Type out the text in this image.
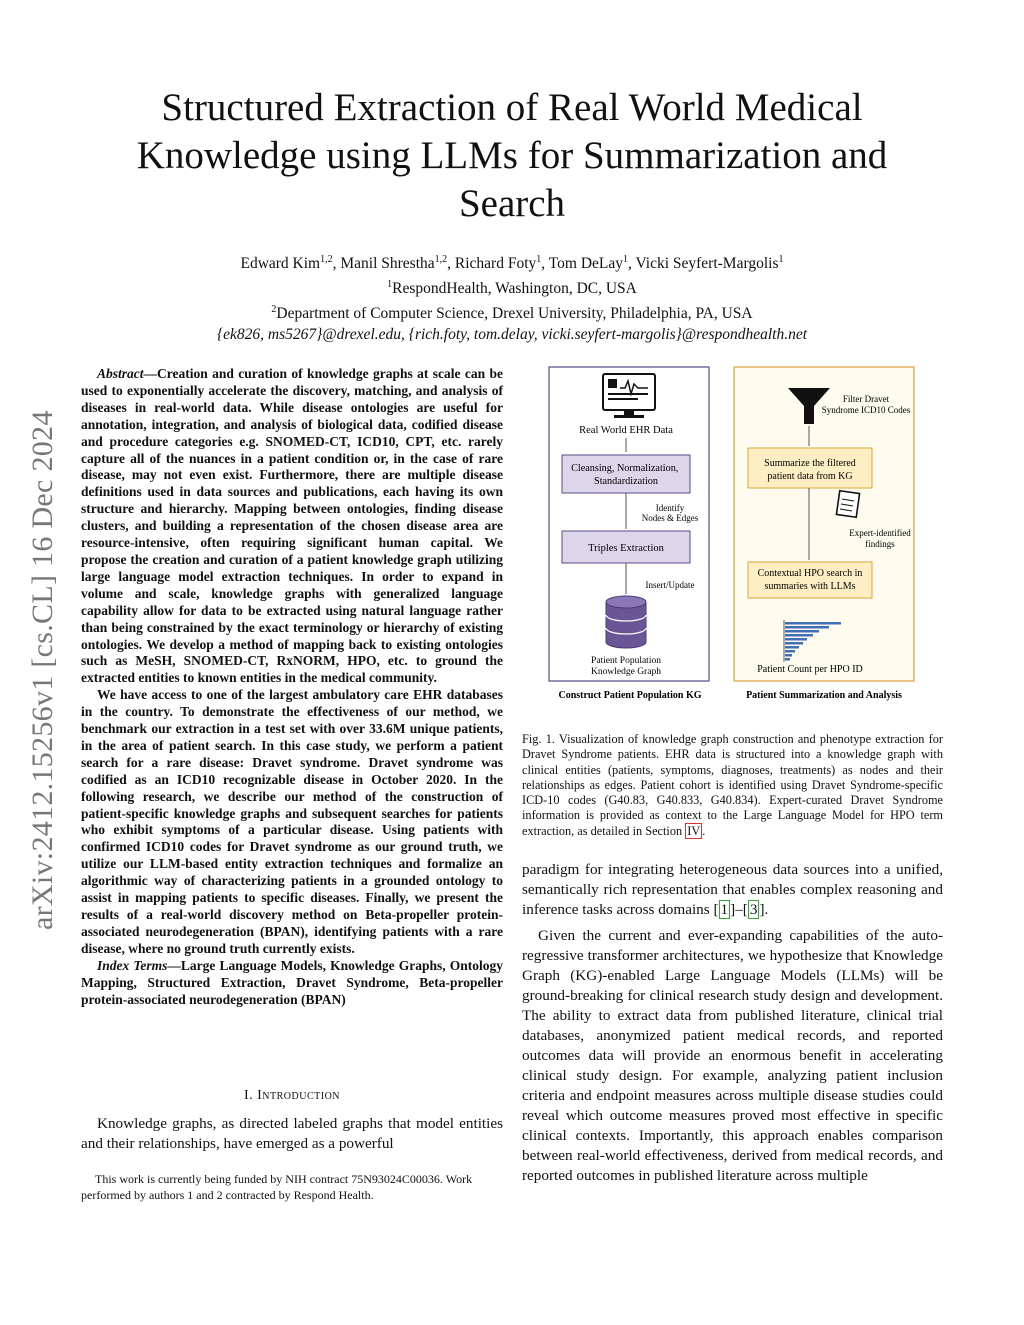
arXiv:2412.15256v1 [cs.CL] 16 Dec 2024
Structured Extraction of Real World Medical Knowledge using LLMs for Summarization and Search
Edward Kim$^{1,2}$, Manil Shrestha$^{1,2}$, Richard Foty$^1$, Tom DeLay$^1$, Vicki Seyfert-Margolis$^1$
$^1$RespondHealth, Washington, DC, USA
$^2$Department of Computer Science, Drexel University, Philadelphia, PA, USA
{ek826, ms5267}@drexel.edu, {rich.foty, tom.delay, vicki.seyfert-margolis}@respondhealth.net

Abstract—Creation and curation of knowledge graphs at scale can be used to exponentially accelerate the discovery, matching, and analysis of diseases in real-world data. While disease ontologies are useful for annotation, integration, and analysis of biological data, codified disease and procedure categories e.g. SNOMED-CT, ICD10, CPT, etc. rarely capture all of the nuances in a patient condition or, in the case of rare disease, may not even exist. Furthermore, there are multiple disease definitions used in data sources and publications, each having its own structure and hierarchy. Mapping between ontologies, finding disease clusters, and building a representation of the chosen disease area are resource-intensive, often requiring significant human capital. We propose the creation and curation of a patient knowledge graph utilizing large language model extraction techniques. In order to expand in volume and scale, knowledge graphs with generalized language capability allow for data to be extracted using natural language rather than being constrained by the exact terminology or hierarchy of existing ontologies. We develop a method of mapping back to existing ontologies such as MeSH, SNOMED-CT, RxNORM, HPO, etc. to ground the extracted entities to known entities in the medical community.

We have access to one of the largest ambulatory care EHR databases in the country. To demonstrate the effectiveness of our method, we benchmark our extraction in a test set with over 33.6M unique patients, in the area of patient search. In this case study, we perform a patient search for a rare disease: Dravet syndrome. Dravet syndrome was codified as an ICD10 recognizable disease in October 2020. In the following research, we describe our method of the construction of patient-specific knowledge graphs and subsequent searches for patients who exhibit symptoms of a particular disease. Using patients with confirmed ICD10 codes for Dravet syndrome as our ground truth, we utilize our LLM-based entity extraction techniques and formalize an algorithmic way of characterizing patients in a grounded ontology to assist in mapping patients to specific diseases. Finally, we present the results of a real-world discovery method on Beta-propeller protein-associated neurodegeneration (BPAN), identifying patients with a rare disease, where no ground truth currently exists.

Index Terms—Large Language Models, Knowledge Graphs, Ontology Mapping, Structured Extraction, Dravet Syndrome, Beta-propeller protein-associated neurodegeneration (BPAN)

I. Introduction

Knowledge graphs, as directed labeled graphs that model entities and their relationships, have emerged as a powerful

This work is currently being funded by NIH contract 75N93024C00036. Work performed by authors 1 and 2 contracted by Respond Health.
Real World EHR Data
Cleansing, Normalization, Standardization
Identify
Nodes & Edges
Triples Extraction
Insert/Update
Patient Population
Knowledge Graph
Construct Patient Population KG
Filter Dravet
Syndrome ICD10 Codes
Summarize the filtered
patient data from KG
Expert-identified
findings
Contextual HPO search in
summaries with LLMs
Patient Count per HPO ID
Patient Summarization and Analysis
Fig. 1. Visualization of knowledge graph construction and phenotype extraction for Dravet Syndrome patients. EHR data is structured into a knowledge graph with clinical entities (patients, symptoms, diagnoses, treatments) as nodes and their relationships as edges. Patient cohort is identified using Dravet Syndrome-specific ICD-10 codes (G40.83, G40.833, G40.834). Expert-curated Dravet Syndrome information is provided as context to the Large Language Model for HPO term extraction, as detailed in Section IV .

paradigm for integrating heterogeneous data sources into a unified, semantically rich representation that enables complex reasoning and inference tasks across domains [ 1 ]–[ 3 ].

Given the current and ever-expanding capabilities of the auto-regressive transformer architectures, we hypothesize that Knowledge Graph (KG)-enabled Large Language Models (LLMs) will be ground-breaking for clinical research study design and development. The ability to extract data from published literature, clinical trial databases, anonymized patient medical records, and reported outcomes data will provide an enormous benefit in accelerating clinical study design. For example, analyzing patient inclusion criteria and endpoint measures across multiple disease studies could reveal which outcome measures proved most effective in specific clinical contexts. Importantly, this approach enables comparison between real-world effectiveness, derived from medical records, and reported outcomes in published literature across multiple
